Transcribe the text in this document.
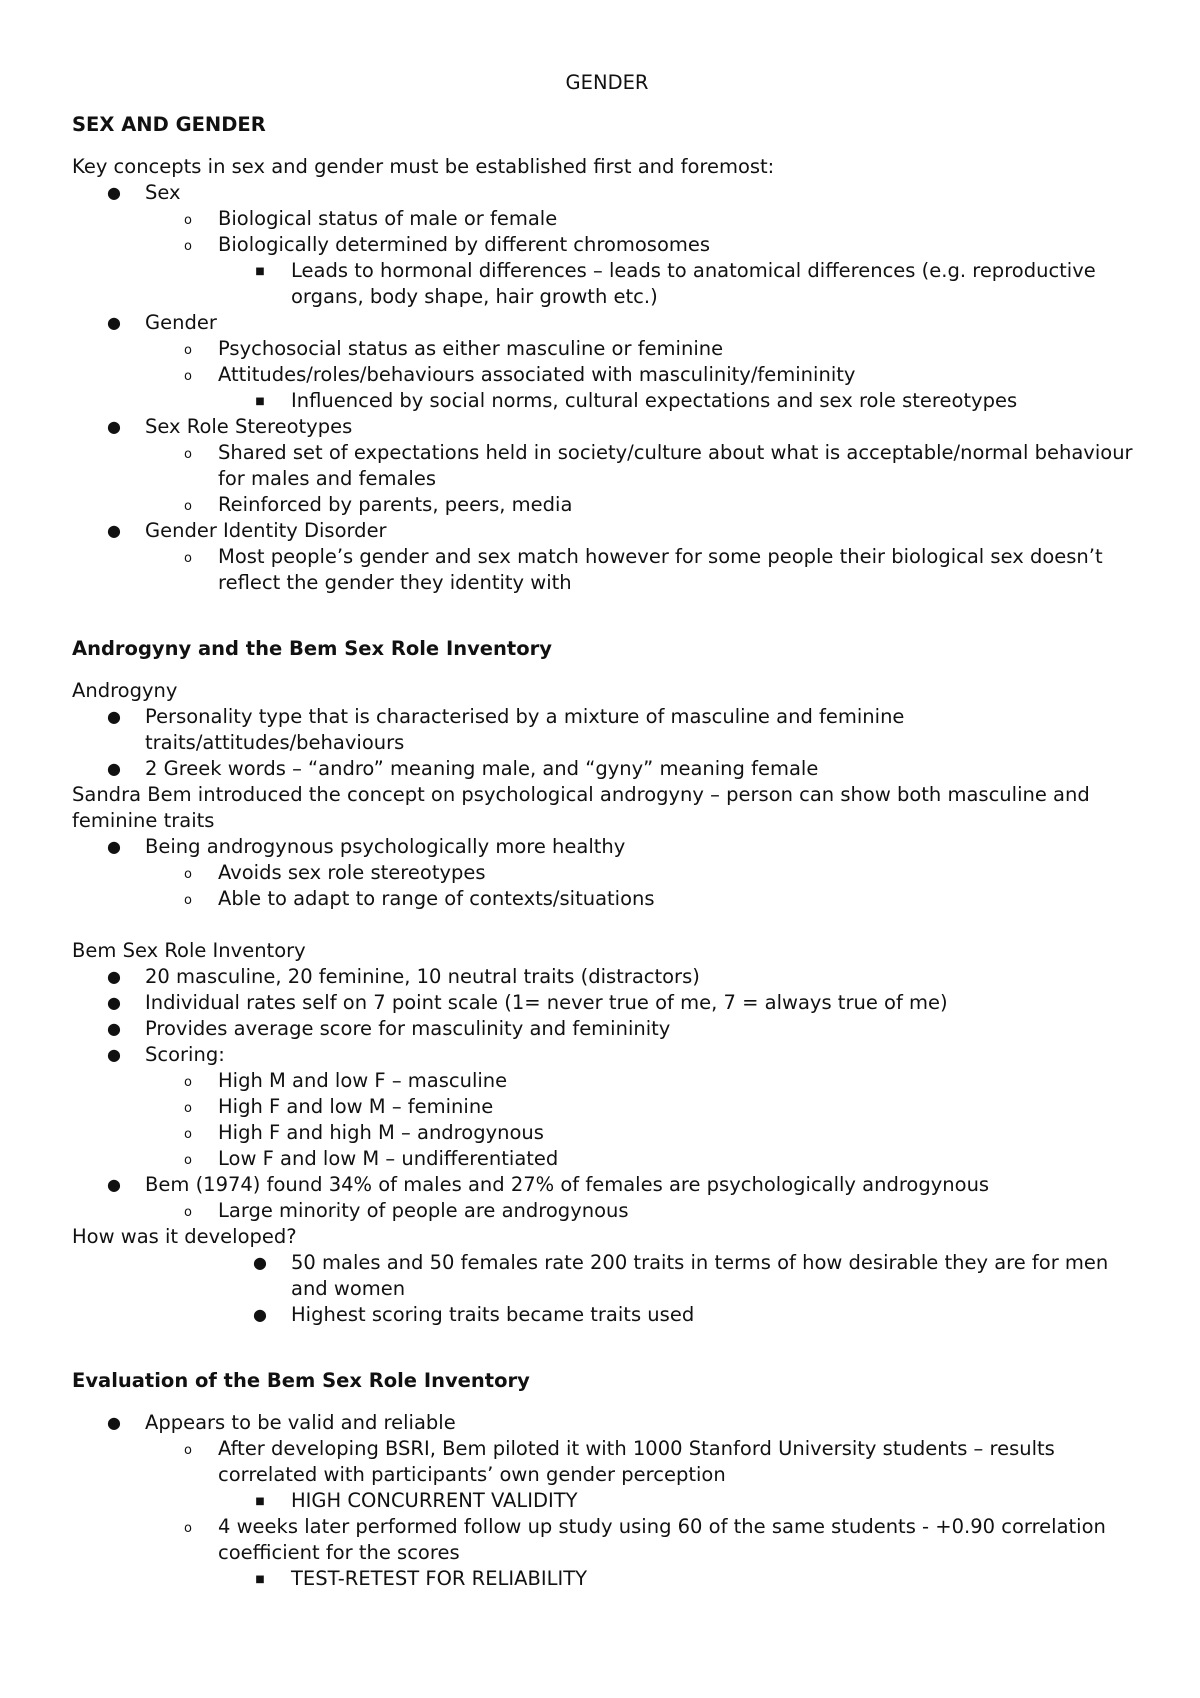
GENDER
SEX AND GENDER

Key concepts in sex and gender must be established first and foremost:

● Sex
o	Biological status of male or female
o	Biologically determined by different chromosomes
■ Leads to hormonal differences – leads to anatomical differences (e.g. reproductive organs, body shape, hair growth etc.)
● Gender
o	Psychosocial status as either masculine or feminine
o	Attitudes/roles/behaviours associated with masculinity/femininity
■ Influenced by social norms, cultural expectations and sex role stereotypes
● Sex Role Stereotypes
o	Shared set of expectations held in society/culture about what is acceptable/normal behaviour for males and females
o	Reinforced by parents, peers, media
● Gender Identity Disorder
o	Most people’s gender and sex match however for some people their biological sex doesn’t reflect the gender they identity with
Androgyny and the Bem Sex Role Inventory

Androgyny

● Personality type that is characterised by a mixture of masculine and feminine traits/attitudes/behaviours
● 2 Greek words – “andro” meaning male, and “gyny” meaning female

Sandra Bem introduced the concept on psychological androgyny – person can show both masculine and feminine traits

● Being androgynous psychologically more healthy
o	Avoids sex role stereotypes
o	Able to adapt to range of contexts/situations

Bem Sex Role Inventory

● 20 masculine, 20 feminine, 10 neutral traits (distractors)
● Individual rates self on 7 point scale (1= never true of me, 7 = always true of me)
● Provides average score for masculinity and femininity
● Scoring:
o	High M and low F – masculine
o	High F and low M – feminine
o	High F and high M – androgynous
o	Low F and low M – undifferentiated
● Bem (1974) found 34% of males and 27% of females are psychologically androgynous
o	Large minority of people are androgynous

How was it developed?

● 50 males and 50 females rate 200 traits in terms of how desirable they are for men and women
● Highest scoring traits became traits used
Evaluation of the Bem Sex Role Inventory
● Appears to be valid and reliable
o	After developing BSRI, Bem piloted it with 1000 Stanford University students – results correlated with participants’ own gender perception
■ HIGH CONCURRENT VALIDITY
o	4 weeks later performed follow up study using 60 of the same students - +0.90 correlation coefficient for the scores
■ TEST-RETEST FOR RELIABILITY
